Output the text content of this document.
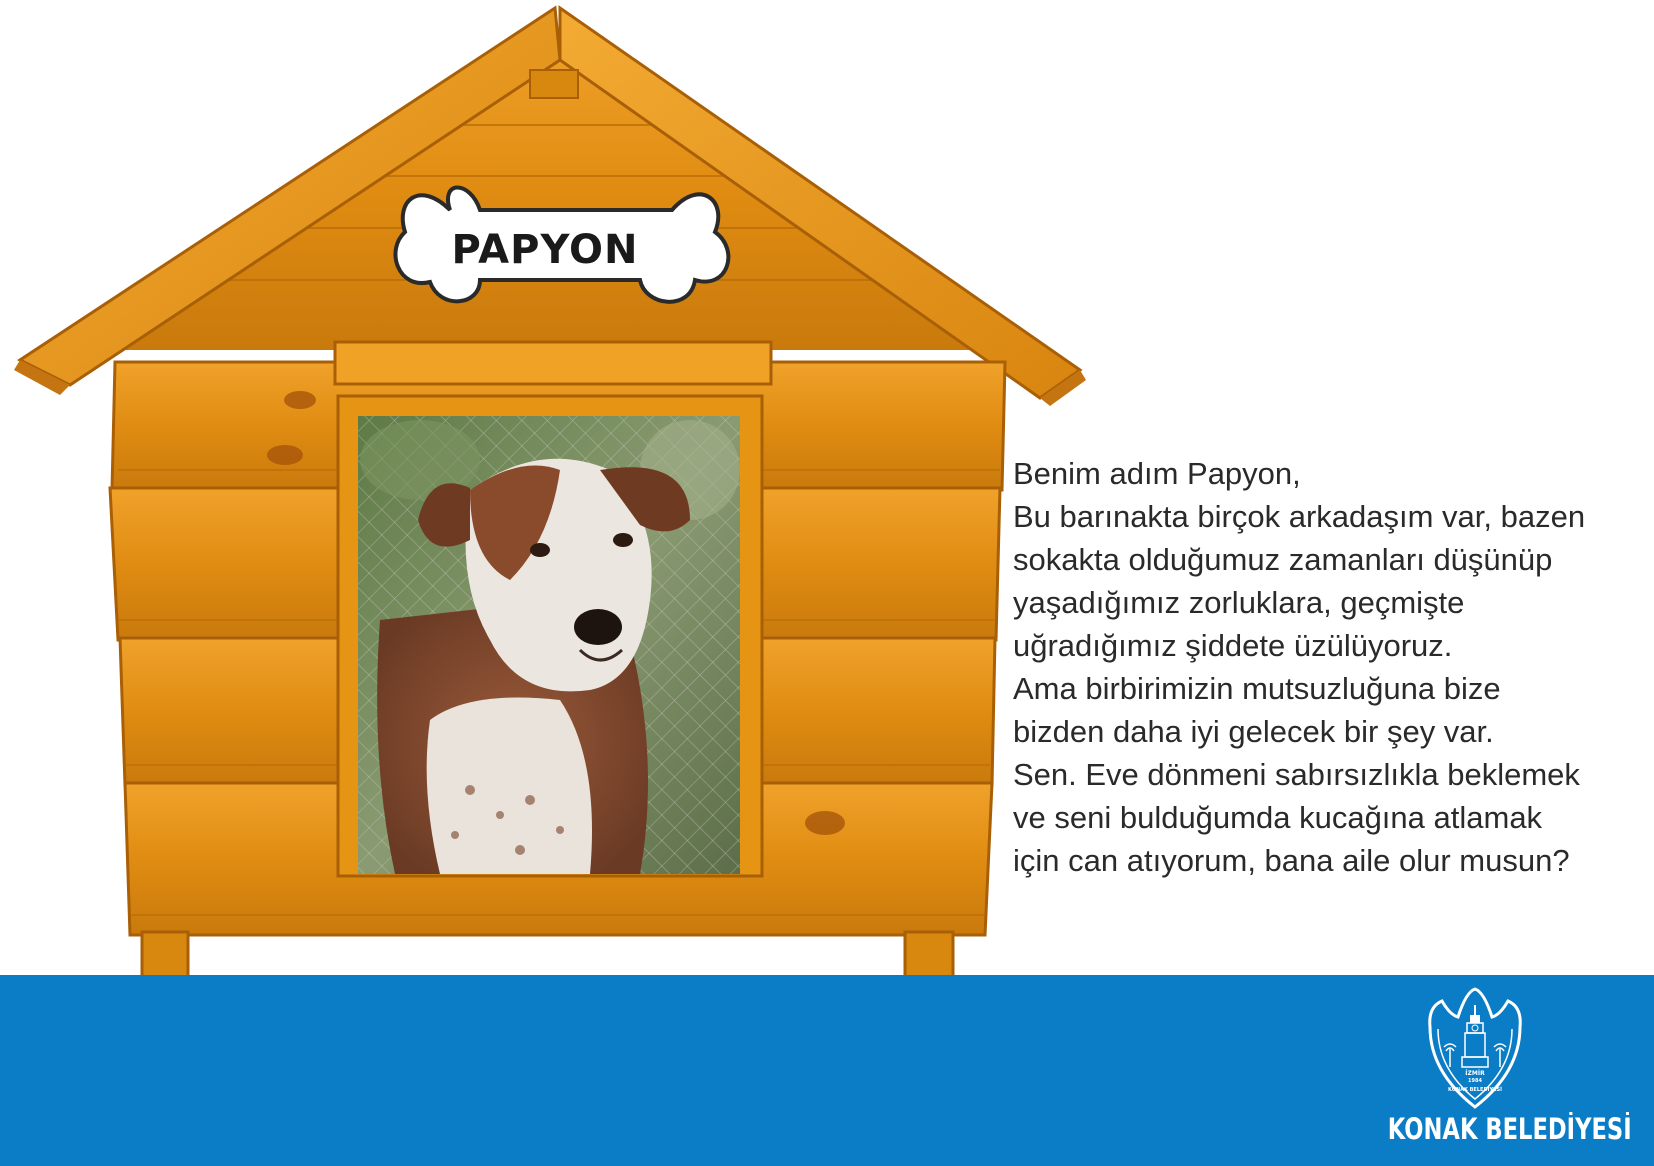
PAPYON
Benim adım Papyon,
Bu barınakta birçok arkadaşım var, bazen
sokakta olduğumuz zamanları düşünüp
yaşadığımız zorluklara, geçmişte
uğradığımız şiddete üzülüyoruz.
Ama birbirimizin mutsuzluğuna bize
bizden daha iyi gelecek bir şey var.
Sen. Eve dönmeni sabırsızlıkla beklemek
ve seni bulduğumda kucağına atlamak
için can atıyorum, bana aile olur musun?
İZMİR
1984
KONAK BELEDİYESİ
KONAK BELEDİYESİ
